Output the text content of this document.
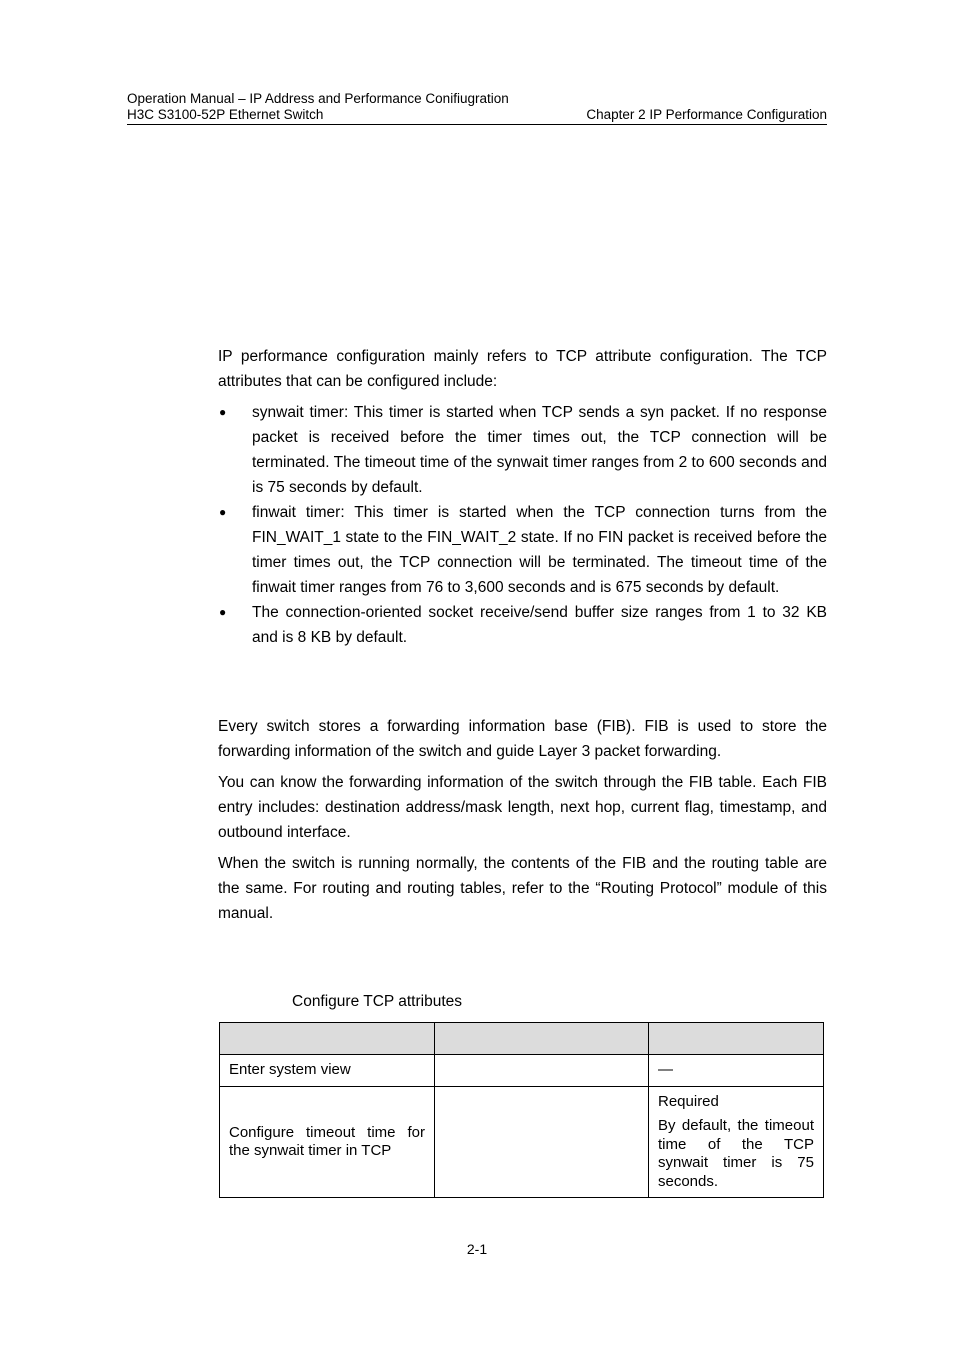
Operation Manual – IP Address and Performance Conifiugration
H3C S3100-52P Ethernet Switch	Chapter 2 IP Performance Configuration

IP performance configuration mainly refers to TCP attribute configuration. The TCP attributes that can be configured include:

● synwait timer: This timer is started when TCP sends a syn packet. If no response packet is received before the timer times out, the TCP connection will be terminated. The timeout time of the synwait timer ranges from 2 to 600 seconds and is 75 seconds by default.
● finwait timer: This timer is started when the TCP connection turns from the FIN_WAIT_1 state to the FIN_WAIT_2 state. If no FIN packet is received before the timer times out, the TCP connection will be terminated. The timeout time of the finwait timer ranges from 76 to 3,600 seconds and is 675 seconds by default.
● The connection-oriented socket receive/send buffer size ranges from 1 to 32 KB and is 8 KB by default.

Every switch stores a forwarding information base (FIB). FIB is used to store the forwarding information of the switch and guide Layer 3 packet forwarding.

You can know the forwarding information of the switch through the FIB table. Each FIB entry includes: destination address/mask length, next hop, current flag, timestamp, and outbound interface.

When the switch is running normally, the contents of the FIB and the routing table are the same. For routing and routing tables, refer to the “Routing Protocol” module of this manual.

Configure TCP attributes

Enter system view		—
Configure timeout time for the synwait timer in TCP		Required
By default, the timeout time of the TCP synwait timer is 75 seconds.
2-1
